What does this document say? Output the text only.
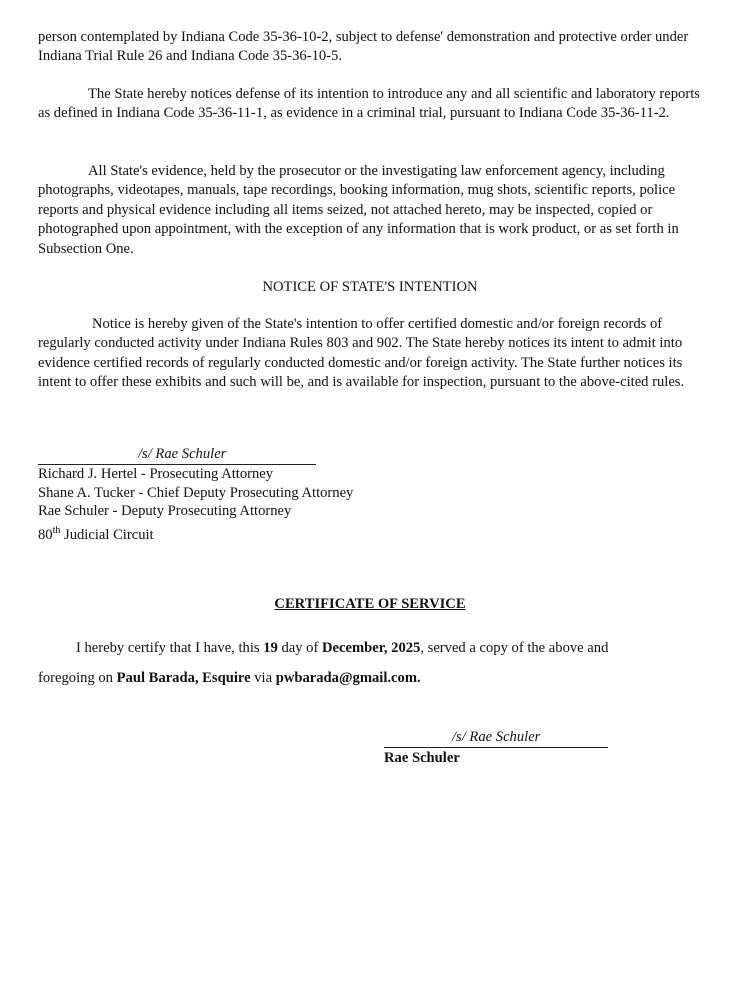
person contemplated by Indiana Code 35-36-10-2, subject to defense' demonstration and protective order under Indiana Trial Rule 26 and Indiana Code 35-36-10-5.

The State hereby notices defense of its intention to introduce any and all scientific and laboratory reports as defined in Indiana Code 35-36-11-1, as evidence in a criminal trial, pursuant to Indiana Code 35-36-11-2.

All State's evidence, held by the prosecutor or the investigating law enforcement agency, including photographs, videotapes, manuals, tape recordings, booking information, mug shots, scientific reports, police reports and physical evidence including all items seized, not attached hereto, may be inspected, copied or photographed upon appointment, with the exception of any information that is work product, or as set forth in Subsection One.

NOTICE OF STATE'S INTENTION

Notice is hereby given of the State's intention to offer certified domestic and/or foreign records of regularly conducted activity under Indiana Rules 803 and 902. The State hereby notices its intent to admit into evidence certified records of regularly conducted domestic and/or foreign activity. The State further notices its intent to offer these exhibits and such will be, and is available for inspection, pursuant to the above-cited rules.

/s/ Rae Schuler
Richard J. Hertel - Prosecuting Attorney
Shane A. Tucker - Chief Deputy Prosecuting Attorney
Rae Schuler - Deputy Prosecuting Attorney
80th Judicial Circuit

CERTIFICATE OF SERVICE

I hereby certify that I have, this 19 day of December, 2025, served a copy of the above and

foregoing on Paul Barada, Esquire via pwbarada@gmail.com.

/s/ Rae Schuler
Rae Schuler
